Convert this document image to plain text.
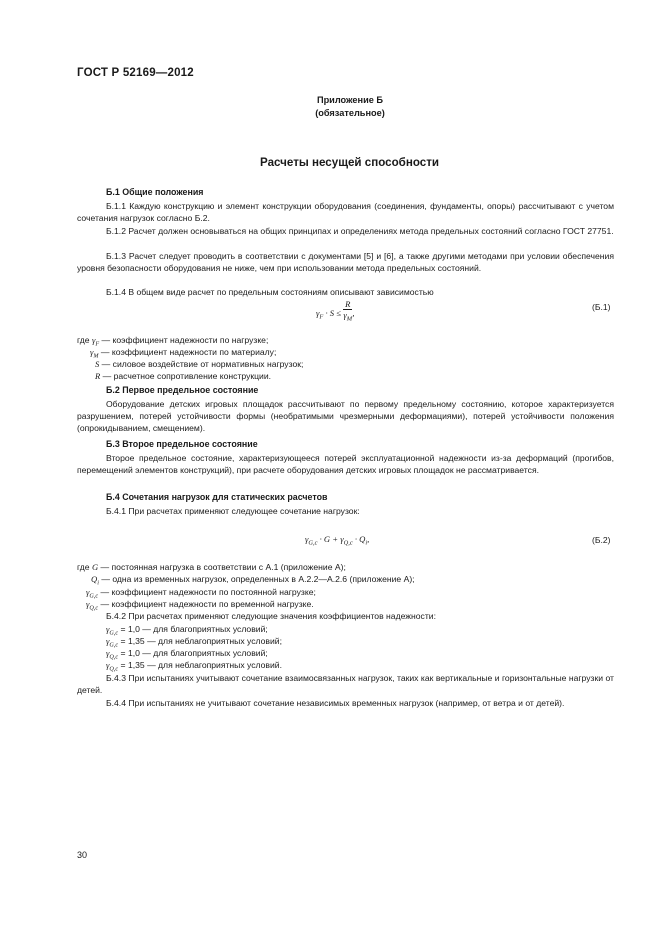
ГОСТ Р 52169—2012
Приложение Б
(обязательное)
Расчеты несущей способности
Б.1 Общие положения
Б.1.1 Каждую конструкцию и элемент конструкции оборудования (соединения, фундаменты, опоры) рассчитывают с учетом сочетания нагрузок согласно Б.2.
Б.1.2 Расчет должен основываться на общих принципах и определениях метода предельных состояний согласно ГОСТ 27751.
Б.1.3 Расчет следует проводить в соответствии с документами [5] и [6], а также другими методами при условии обеспечения уровня безопасности оборудования не ниже, чем при использовании метода предельных состояний.
Б.1.4 В общем виде расчет по предельным состояниям описывают зависимостью
$\gamma_F \cdot S \le \frac{R}{\gamma_M}$ ,
(Б.1)
где $\gamma_F$ — коэффициент надежности по нагрузке;
$\gamma_M$ — коэффициент надежности по материалу;
S — силовое воздействие от нормативных нагрузок;
R — расчетное сопротивление конструкции.
Б.2 Первое предельное состояние
Оборудование детских игровых площадок рассчитывают по первому предельному состоянию, которое характеризуется разрушением, потерей устойчивости формы (необратимыми чрезмерными деформациями), потерей устойчивости положения (опрокидыванием, смещением).
Б.3 Второе предельное состояние
Второе предельное состояние, характеризующееся потерей эксплуатационной надежности из-за деформаций (прогибов, перемещений элементов конструкций), при расчете оборудования детских игровых площадок не рассматривается.
Б.4 Сочетания нагрузок для статических расчетов
Б.4.1 При расчетах применяют следующее сочетание нагрузок:
$\gamma_{G,c} \cdot G + \gamma_{Q,c} \cdot Q_i$,	(Б.2)
где G — постоянная нагрузка в соответствии с А.1 (приложение А);
$Q_i$ — одна из временных нагрузок, определенных в А.2.2—А.2.6 (приложение А);
$\gamma_{G,c}$ — коэффициент надежности по постоянной нагрузке;
$\gamma_{Q,c}$ — коэффициент надежности по временной нагрузке.
Б.4.2 При расчетах применяют следующие значения коэффициентов надежности:
$\gamma_{G,c} = 1,0$ — для благоприятных условий;
$\gamma_{G,c} = 1,35$ — для неблагоприятных условий;
$\gamma_{Q,c} = 1,0$ — для благоприятных условий;
$\gamma_{Q,c} = 1,35$ — для неблагоприятных условий.
Б.4.3 При испытаниях учитывают сочетание взаимосвязанных нагрузок, таких как вертикальные и горизонтальные нагрузки от детей.
Б.4.4 При испытаниях не учитывают сочетание независимых временных нагрузок (например, от ветра и от детей).
30
